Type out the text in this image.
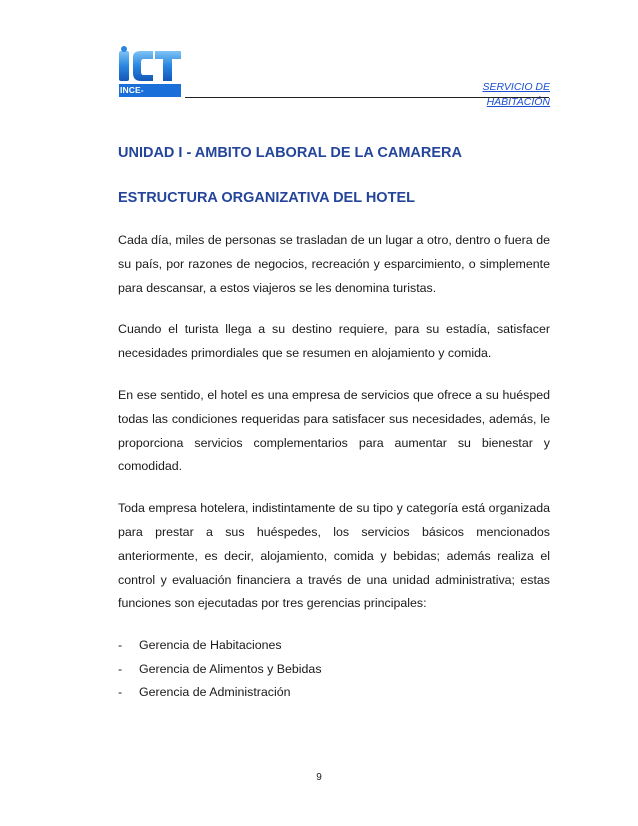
INCE-TURISMO
SERVICIO DE
HABITACIÓN
UNIDAD I - AMBITO LABORAL DE LA CAMARERA
ESTRUCTURA ORGANIZATIVA DEL HOTEL

Cada día, miles de personas se trasladan de un lugar a otro, dentro o fuera de su país, por razones de negocios, recreación y esparcimiento, o simplemente para descansar, a estos viajeros se les denomina turistas.

Cuando el turista llega a su destino requiere, para su estadía, satisfacer necesidades primordiales que se resumen en alojamiento y comida.

En ese sentido, el hotel es una empresa de servicios que ofrece a su huésped todas las condiciones requeridas para satisfacer sus necesidades, además, le proporciona servicios complementarios para aumentar su bienestar y comodidad.

Toda empresa hotelera, indistintamente de su tipo y categoría está organizada para prestar a sus huéspedes, los servicios básicos mencionados anteriormente, es decir, alojamiento, comida y bebidas; además realiza el control y evaluación financiera a través de una unidad administrativa; estas funciones son ejecutadas por tres gerencias principales:

- Gerencia de Habitaciones
- Gerencia de Alimentos y Bebidas
- Gerencia de Administración
9
